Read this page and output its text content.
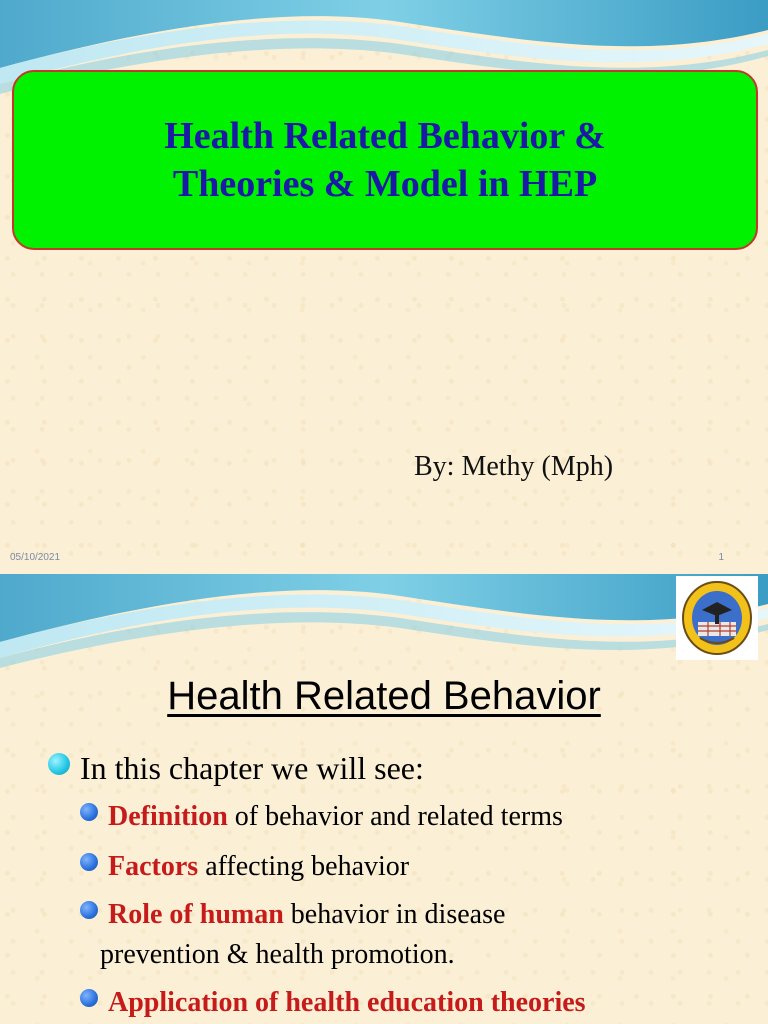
Health Related Behavior &
Theories & Model in HEP
By: Methy (Mph)
05/10/2021	1
Health Related Behavior
In this chapter we will see:
Definition of behavior and related terms
Factors affecting behavior
Role of human behavior in disease
prevention & health promotion.
Application of health education theories
